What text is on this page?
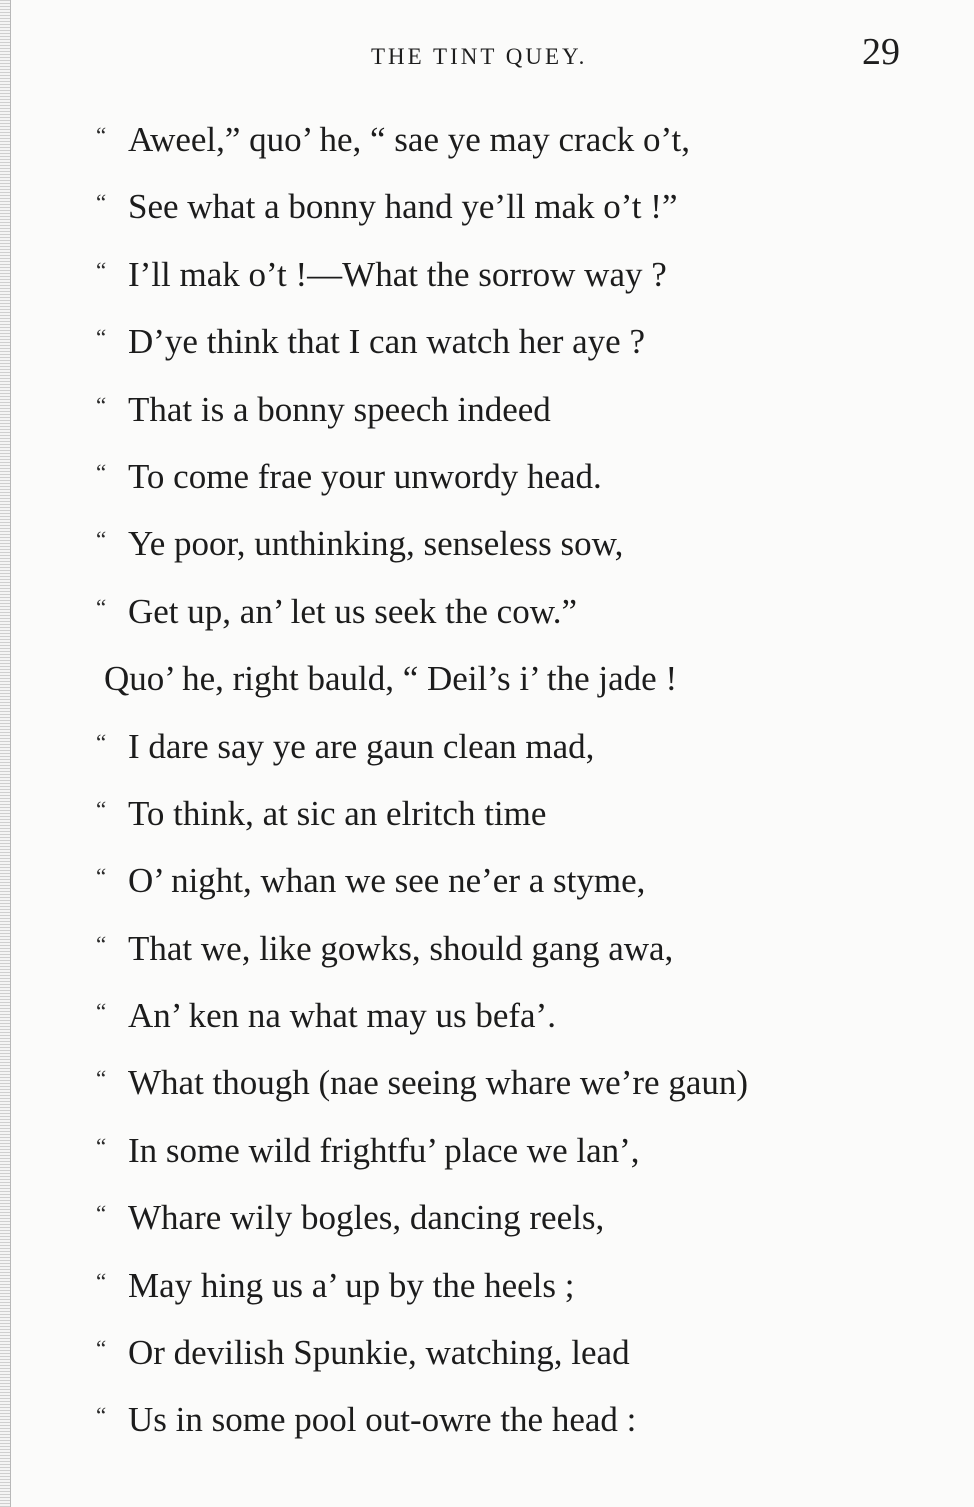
THE TINT QUEY.	29
“ Aweel,” quo’ he, “ sae ye may crack o’t,
“ See what a bonny hand ye’ll mak o’t !”
“ I’ll mak o’t !—What the sorrow way ?
“ D’ye think that I can watch her aye ?
“ That is a bonny speech indeed
“ To come frae your unwordy head.
“ Ye poor, unthinking, senseless sow,
“ Get up, an’ let us seek the cow.”
Quo’ he, right bauld, “ Deil’s i’ the jade !
“ I dare say ye are gaun clean mad,
“ To think, at sic an elritch time
“ O’ night, whan we see ne’er a styme,
“ That we, like gowks, should gang awa,
“ An’ ken na what may us befa’.
“ What though (nae seeing whare we’re gaun)
“ In some wild frightfu’ place we lan’,
“ Whare wily bogles, dancing reels,
“ May hing us a’ up by the heels ;
“ Or devilish Spunkie, watching, lead
“ Us in some pool out-owre the head :
